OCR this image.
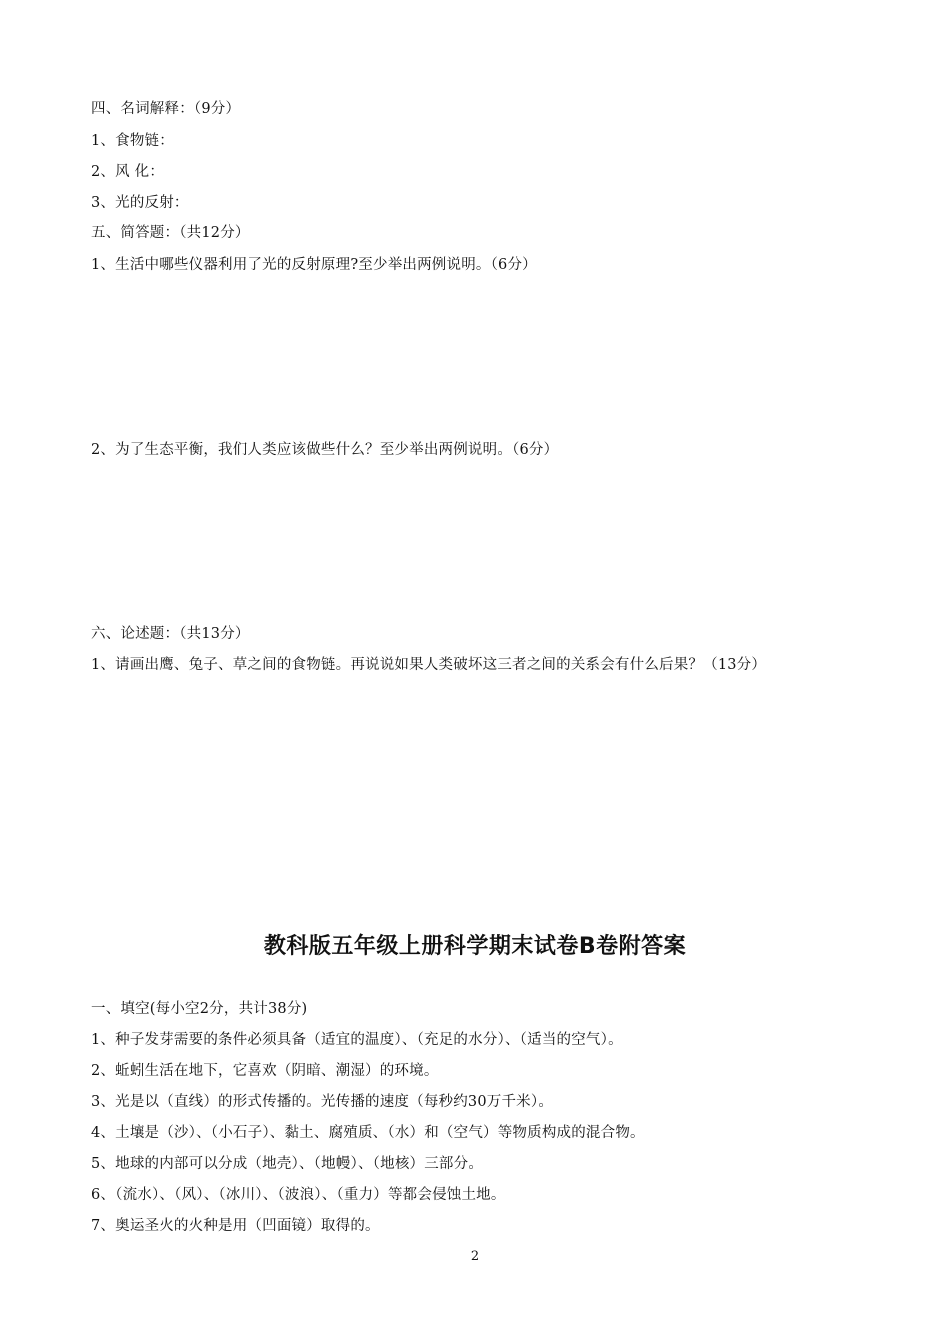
四、名词解释：（9分）
1、食物链：
2、风 化：
3、光的反射：
五、简答题：（共12分）
1、生活中哪些仪器利用了光的反射原理?至少举出两例说明。（6分）
2、为了生态平衡，我们人类应该做些什么？至少举出两例说明。（6分）
六、论述题：（共13分）
1、请画出鹰、兔子、草之间的食物链。再说说如果人类破坏这三者之间的关系会有什么后果？（13分）
教科版五年级上册科学期末试卷B卷附答案
一、填空(每小空2分，共计38分)
1、种子发芽需要的条件必须具备（适宜的温度）、（充足的水分）、（适当的空气）。
2、蚯蚓生活在地下，它喜欢（阴暗、潮湿）的环境。
3、光是以（直线）的形式传播的。光传播的速度（每秒约30万千米）。
4、土壤是（沙）、（小石子）、黏土、腐殖质、（水）和（空气）等物质构成的混合物。
5、地球的内部可以分成（地壳）、（地幔）、（地核）三部分。
6、（流水）、（风）、（冰川）、（波浪）、（重力）等都会侵蚀土地。
7、奥运圣火的火种是用（凹面镜）取得的。
2
